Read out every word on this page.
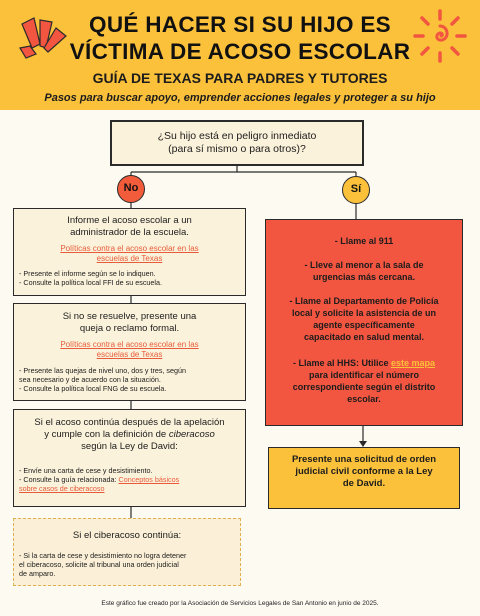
QUÉ HACER SI SU HIJO ES
VÍCTIMA DE ACOSO ESCOLAR
GUÍA DE TEXAS PARA PADRES Y TUTORES
Pasos para buscar apoyo, emprender acciones legales y proteger a su hijo
¿Su hijo está en peligro inmediato
(para sí mismo o para otros)?
No	Sí
Informe el acoso escolar a un
administrador de la escuela.
Políticas contra el acoso escolar en las
escuelas de Texas
- Presente el informe según se lo indiquen.
- Consulte la política local FFI de su escuela.
Si no se resuelve, presente una
queja o reclamo formal.
Políticas contra el acoso escolar en las
escuelas de Texas
- Presente las quejas de nivel uno, dos y tres, según
sea necesario y de acuerdo con la situación.
- Consulte la política local FNG de su escuela.
Si el acoso continúa después de la apelación
y cumple con la definición de ciberacoso
según la Ley de David:
- Envíe una carta de cese y desistimiento.
- Consulte la guía relacionada: Conceptos básicos
sobre casos de ciberacoso
Si el ciberacoso continúa:
- Si la carta de cese y desistimiento no logra detener
el ciberacoso, solicite al tribunal una orden judicial
de amparo.
- Llame al 911
- Lleve al menor a la sala de
urgencias más cercana.
- Llame al Departamento de Policía
local y solicite la asistencia de un
agente específicamente
capacitado en salud mental.
- Llame al HHS: Utilice este mapa
para identificar el número
correspondiente según el distrito
escolar.
Presente una solicitud de orden
judicial civil conforme a la Ley
de David.
Este gráfico fue creado por la Asociación de Servicios Legales de San Antonio en junio de 2025.
